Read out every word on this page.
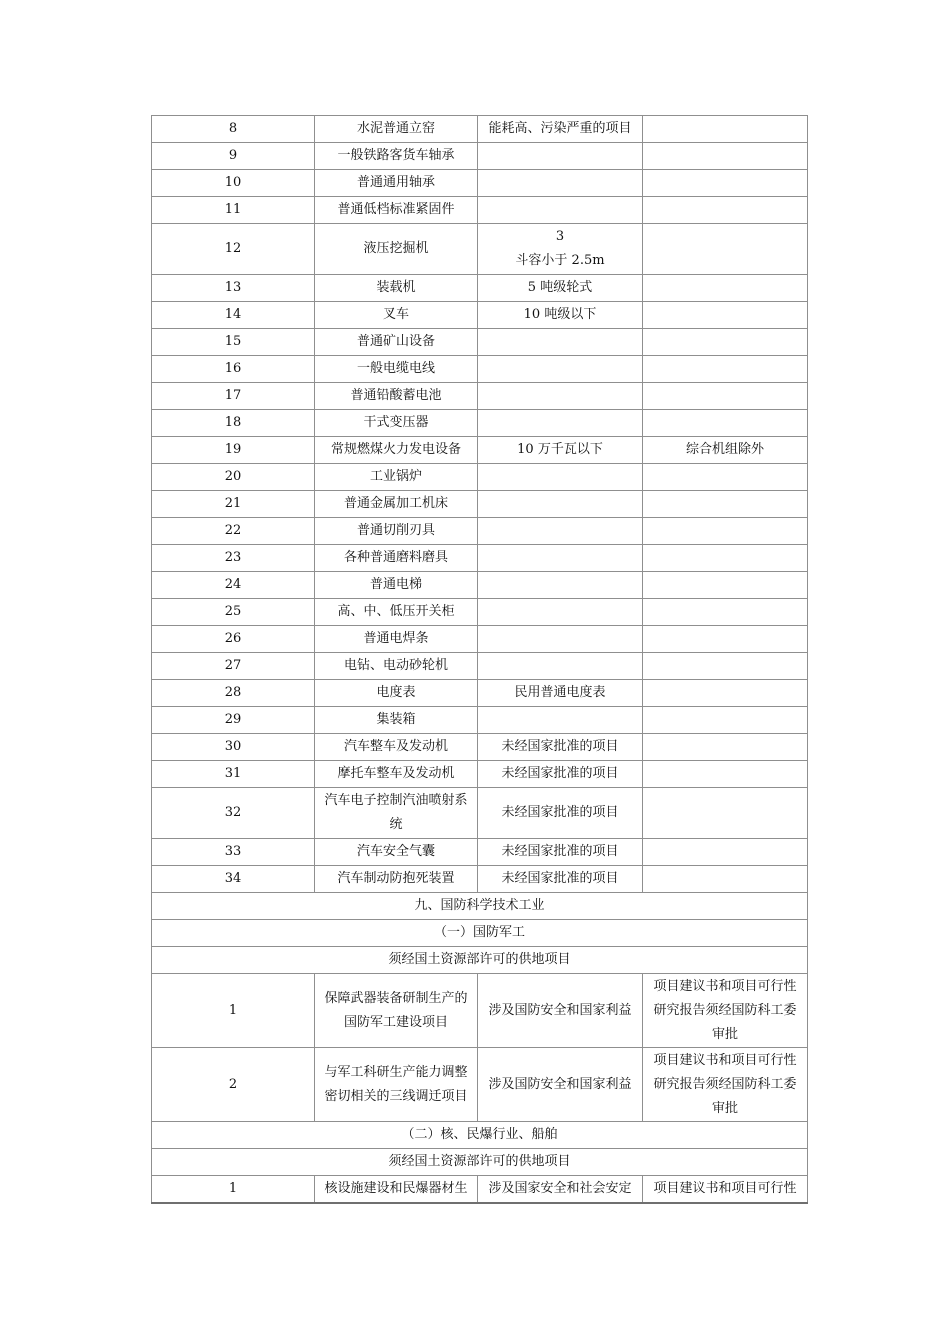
8	水泥普通立窑	能耗高、污染严重的项目	
9	一般铁路客货车轴承		
10	普通通用轴承		
11	普通低档标准紧固件		
12	液压挖掘机	3
斗容小于 2.5m	
13	装载机	5 吨级轮式	
14	叉车	10 吨级以下	
15	普通矿山设备		
16	一般电缆电线		
17	普通铅酸蓄电池		
18	干式变压器		
19	常规燃煤火力发电设备	10 万千瓦以下	综合机组除外
20	工业锅炉		
21	普通金属加工机床		
22	普通切削刃具		
23	各种普通磨料磨具		
24	普通电梯		
25	高、中、低压开关柜		
26	普通电焊条		
27	电钻、电动砂轮机		
28	电度表	民用普通电度表	
29	集装箱		
30	汽车整车及发动机	未经国家批准的项目	
31	摩托车整车及发动机	未经国家批准的项目	
32	汽车电子控制汽油喷射系
统	未经国家批准的项目	
33	汽车安全气囊	未经国家批准的项目	
34	汽车制动防抱死装置	未经国家批准的项目	
九、国防科学技术工业			
（一）国防军工			
须经国土资源部许可的供地项目			
1	保障武器装备研制生产的
国防军工建设项目	涉及国防安全和国家利益	项目建议书和项目可行性
研究报告须经国防科工委
审批
2	与军工科研生产能力调整
密切相关的三线调迁项目	涉及国防安全和国家利益	项目建议书和项目可行性
研究报告须经国防科工委
审批
（二）核、民爆行业、船舶			
须经国土资源部许可的供地项目			
1	核设施建设和民爆器材生	涉及国家安全和社会安定	项目建议书和项目可行性
